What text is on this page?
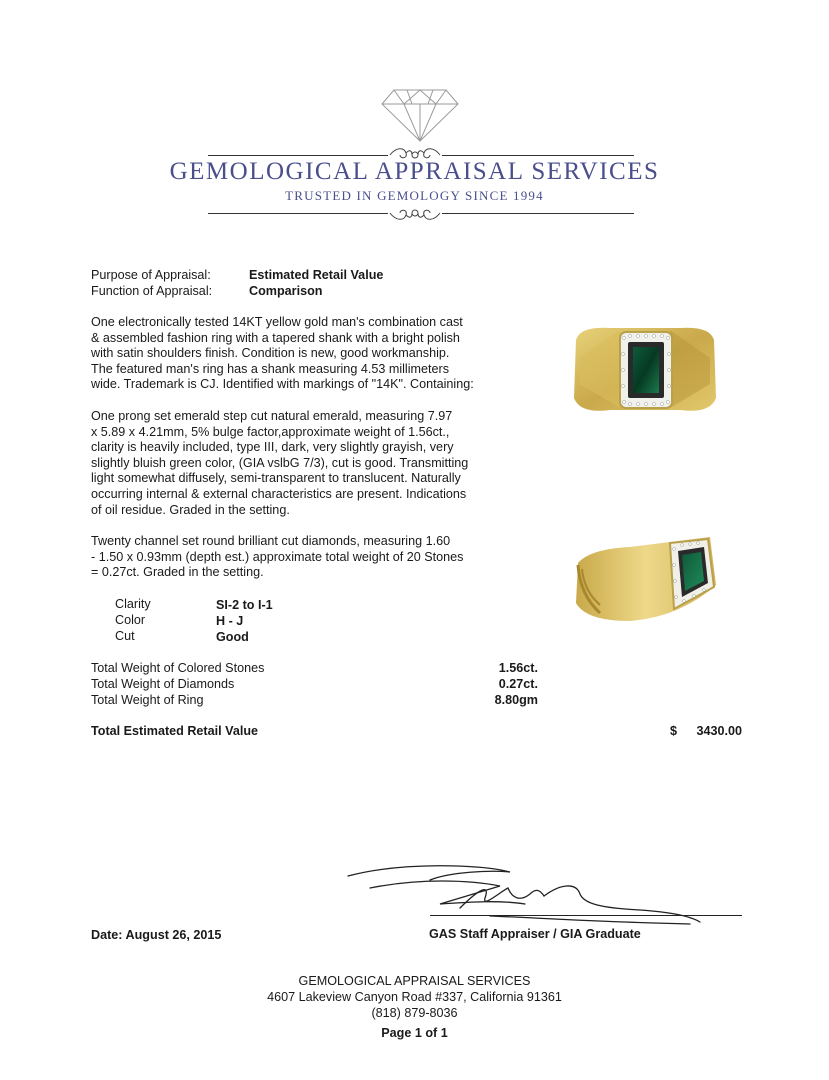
GEMOLOGICAL APPRAISAL SERVICES
TRUSTED IN GEMOLOGY SINCE 1994
Purpose of Appraisal:	Estimated Retail Value
Function of Appraisal:	Comparison
One electronically tested 14KT yellow gold man's combination cast
& assembled fashion ring with a tapered shank with a bright polish
with satin shoulders finish. Condition is new, good workmanship.
The featured man's ring has a shank measuring 4.53 millimeters
wide. Trademark is CJ. Identified with markings of "14K". Containing:
One prong set emerald step cut natural emerald, measuring 7.97
x 5.89 x 4.21mm, 5% bulge factor,approximate weight of 1.56ct.,
clarity is heavily included, type III, dark, very slightly grayish, very
slightly bluish green color, (GIA vslbG 7/3), cut is good. Transmitting
light somewhat diffusely, semi-transparent to translucent. Naturally
occurring internal & external characteristics are present. Indications
of oil residue. Graded in the setting.
Twenty channel set round brilliant cut diamonds, measuring 1.60
- 1.50 x 0.93mm (depth est.) approximate total weight of 20 Stones
= 0.27ct. Graded in the setting.
Clarity	SI-2 to I-1
Color	H - J
Cut	Good
Total Weight of Colored Stones	1.56ct.
Total Weight of Diamonds	0.27ct.
Total Weight of Ring	8.80gm
Total Estimated Retail Value	$	3430.00
Date: August 26, 2015	GAS Staff Appraiser / GIA Graduate
GEMOLOGICAL APPRAISAL SERVICES
4607 Lakeview Canyon Road #337, California 91361
(818) 879-8036
Page 1 of 1
